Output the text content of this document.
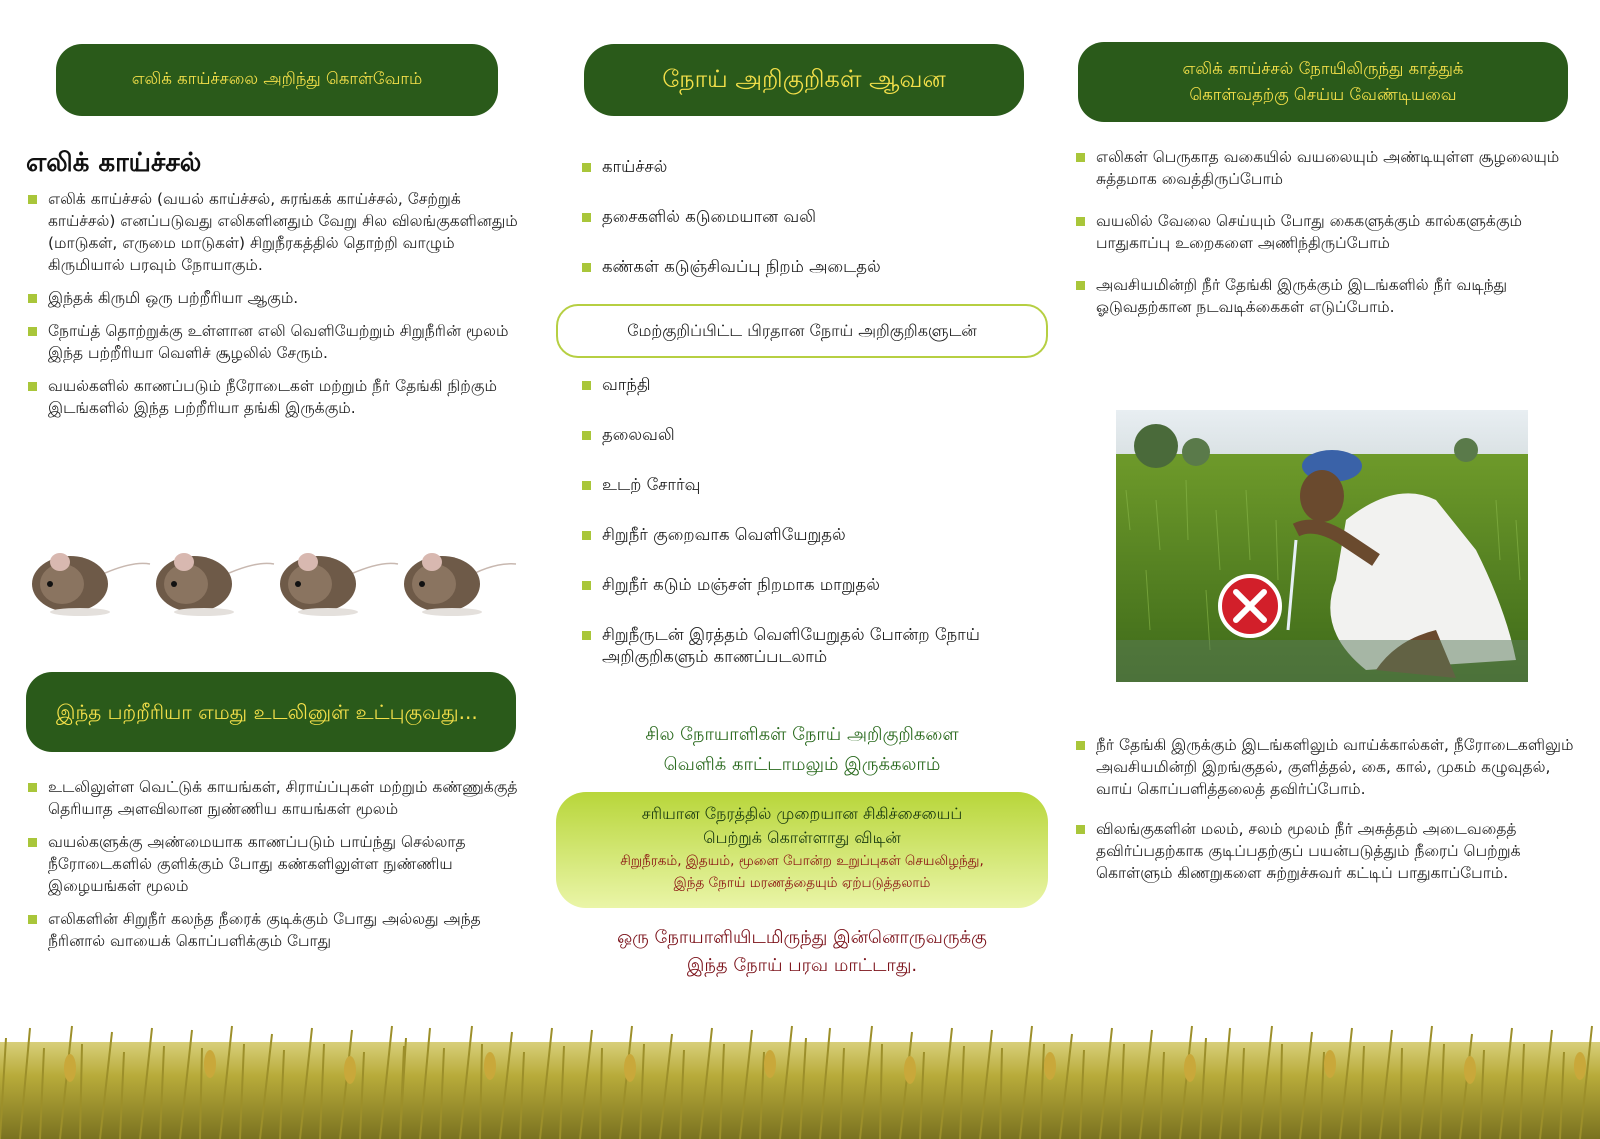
எலிக் காய்ச்சலை அறிந்து கொள்வோம்
எலிக் காய்ச்சல்
எலிக் காய்ச்சல் (வயல் காய்ச்சல், சுரங்கக் காய்ச்சல், சேற்றுக் காய்ச்சல்) எனப்படுவது எலிகளினதும் வேறு சில விலங்குகளினதும் (மாடுகள், எருமை மாடுகள்) சிறுநீரகத்தில் தொற்றி வாழும் கிருமியால் பரவும் நோயாகும்.
இந்தக் கிருமி ஒரு பற்றீரியா ஆகும்.
நோய்த் தொற்றுக்கு உள்ளான எலி வெளியேற்றும் சிறுநீரின் மூலம் இந்த பற்றீரியா வெளிச் சூழலில் சேரும்.
வயல்களில் காணப்படும் நீரோடைகள் மற்றும் நீர் தேங்கி நிற்கும் இடங்களில் இந்த பற்றீரியா தங்கி இருக்கும்.
இந்த பற்றீரியா எமது உடலினுள் உட்புகுவது...
உடலிலுள்ள வெட்டுக் காயங்கள், சிராய்ப்புகள் மற்றும் கண்ணுக்குத் தெரியாத அளவிலான நுண்ணிய காயங்கள் மூலம்
வயல்களுக்கு அண்மையாக காணப்படும் பாய்ந்து செல்லாத நீரோடைகளில் குளிக்கும் போது கண்களிலுள்ள நுண்ணிய இழையங்கள் மூலம்
எலிகளின் சிறுநீர் கலந்த நீரைக் குடிக்கும் போது அல்லது அந்த நீரினால் வாயைக் கொப்பளிக்கும் போது
நோய் அறிகுறிகள் ஆவன
காய்ச்சல்
தசைகளில் கடுமையான வலி
கண்கள் கடுஞ்சிவப்பு நிறம் அடைதல்
மேற்குறிப்பிட்ட பிரதான நோய் அறிகுறிகளுடன்
வாந்தி
தலைவலி
உடற் சோர்வு
சிறுநீர் குறைவாக வெளியேறுதல்
சிறுநீர் கடும் மஞ்சள் நிறமாக மாறுதல்
சிறுநீருடன் இரத்தம் வெளியேறுதல் போன்ற நோய் அறிகுறிகளும் காணப்படலாம்
சில நோயாளிகள் நோய் அறிகுறிகளை
வெளிக் காட்டாமலும் இருக்கலாம்
சரியான நேரத்தில் முறையான சிகிச்சையைப்
பெற்றுக் கொள்ளாது விடின்
சிறுநீரகம், இதயம், மூளை போன்ற உறுப்புகள் செயலிழந்து,
இந்த நோய் மரணத்தையும் ஏற்படுத்தலாம்
ஒரு நோயாளியிடமிருந்து இன்னொருவருக்கு
இந்த நோய் பரவ மாட்டாது.
எலிக் காய்ச்சல் நோயிலிருந்து காத்துக்
கொள்வதற்கு செய்ய வேண்டியவை
எலிகள் பெருகாத வகையில் வயலையும் அண்டியுள்ள சூழலையும் சுத்தமாக வைத்திருப்போம்
வயலில் வேலை செய்யும் போது கைகளுக்கும் கால்களுக்கும் பாதுகாப்பு உறைகளை அணிந்திருப்போம்
அவசியமின்றி நீர் தேங்கி இருக்கும் இடங்களில் நீர் வடிந்து ஓடுவதற்கான நடவடிக்கைகள் எடுப்போம்.
நீர் தேங்கி இருக்கும் இடங்களிலும் வாய்க்கால்கள், நீரோடைகளிலும் அவசியமின்றி இறங்குதல், குளித்தல், கை, கால், முகம் கழுவுதல், வாய் கொப்பளித்தலைத் தவிர்ப்போம்.
விலங்குகளின் மலம், சலம் மூலம் நீர் அசுத்தம் அடைவதைத் தவிர்ப்பதற்காக குடிப்பதற்குப் பயன்படுத்தும் நீரைப் பெற்றுக் கொள்ளும் கிணறுகளை சுற்றுச்சுவர் கட்டிப் பாதுகாப்போம்.
